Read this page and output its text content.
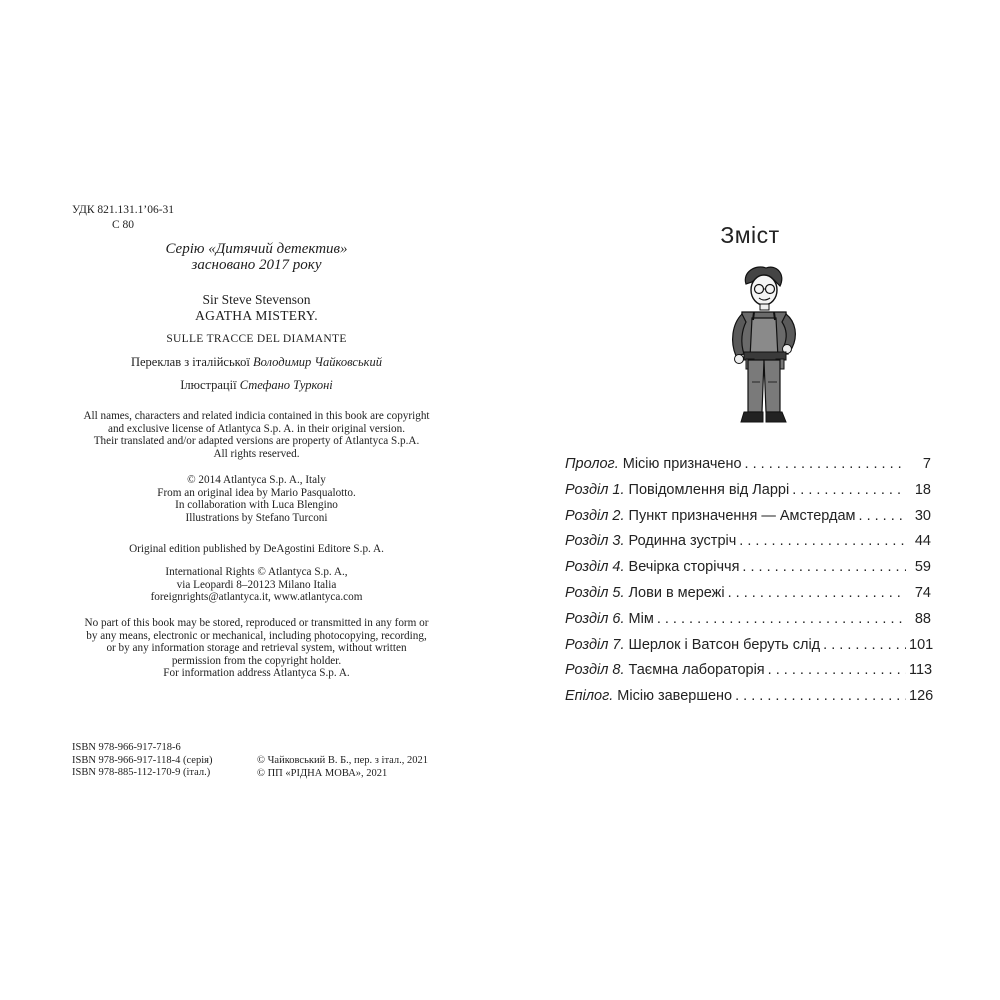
УДК 821.131.1’06-31
С 80
Серію «Дитячий детектив»
засновано 2017 року
Sir Steve Stevenson
AGATHA MISTERY.
SULLE TRACCE DEL DIAMANTE
Переклав з італійської Володимир Чайковський
Ілюстрації Стефано Турконі
All names, characters and related indicia contained in this book are copyright
and exclusive license of Atlantyca S.p. A. in their original version.
Their translated and/or adapted versions are property of Atlantyca S.p.A.
All rights reserved.
© 2014 Atlantyca S.p. A., Italy
From an original idea by Mario Pasqualotto.
In collaboration with Luca Blengino
Illustrations by Stefano Turconi
Original edition published by DeAgostini Editore S.p. A.
International Rights © Atlantyca S.p. A.,
via Leopardi 8–20123 Milano Italia
foreignrights@atlantyca.it, www.atlantyca.com
No part of this book may be stored, reproduced or transmitted in any form or
by any means, electronic or mechanical, including photocopying, recording,
or by any information storage and retrieval system, without written
permission from the copyright holder.
For information address Atlantyca S.p. A.
ISBN 978-966-917-718-6
ISBN 978-966-917-118-4 (серія)
ISBN 978-885-112-170-9 (італ.)
© Чайковський В. Б., пер. з італ., 2021
© ПП «РІДНА МОВА», 2021
Зміст
Пролог. Місію призначено . . .	7
Розділ 1. Повідомлення від Ларрі . . .	18
Розділ 2. Пункт призначення — Амстердам . . .	30
Розділ 3. Родинна зустріч . . .	44
Розділ 4. Вечірка сторіччя . . .	59
Розділ 5. Лови в мережі . . .	74
Розділ 6. Мім . . .	88
Розділ 7. Шерлок і Ватсон беруть слід . . .	101
Розділ 8. Таємна лабораторія . . .	113
Епілог. Місію завершено . . .	126
